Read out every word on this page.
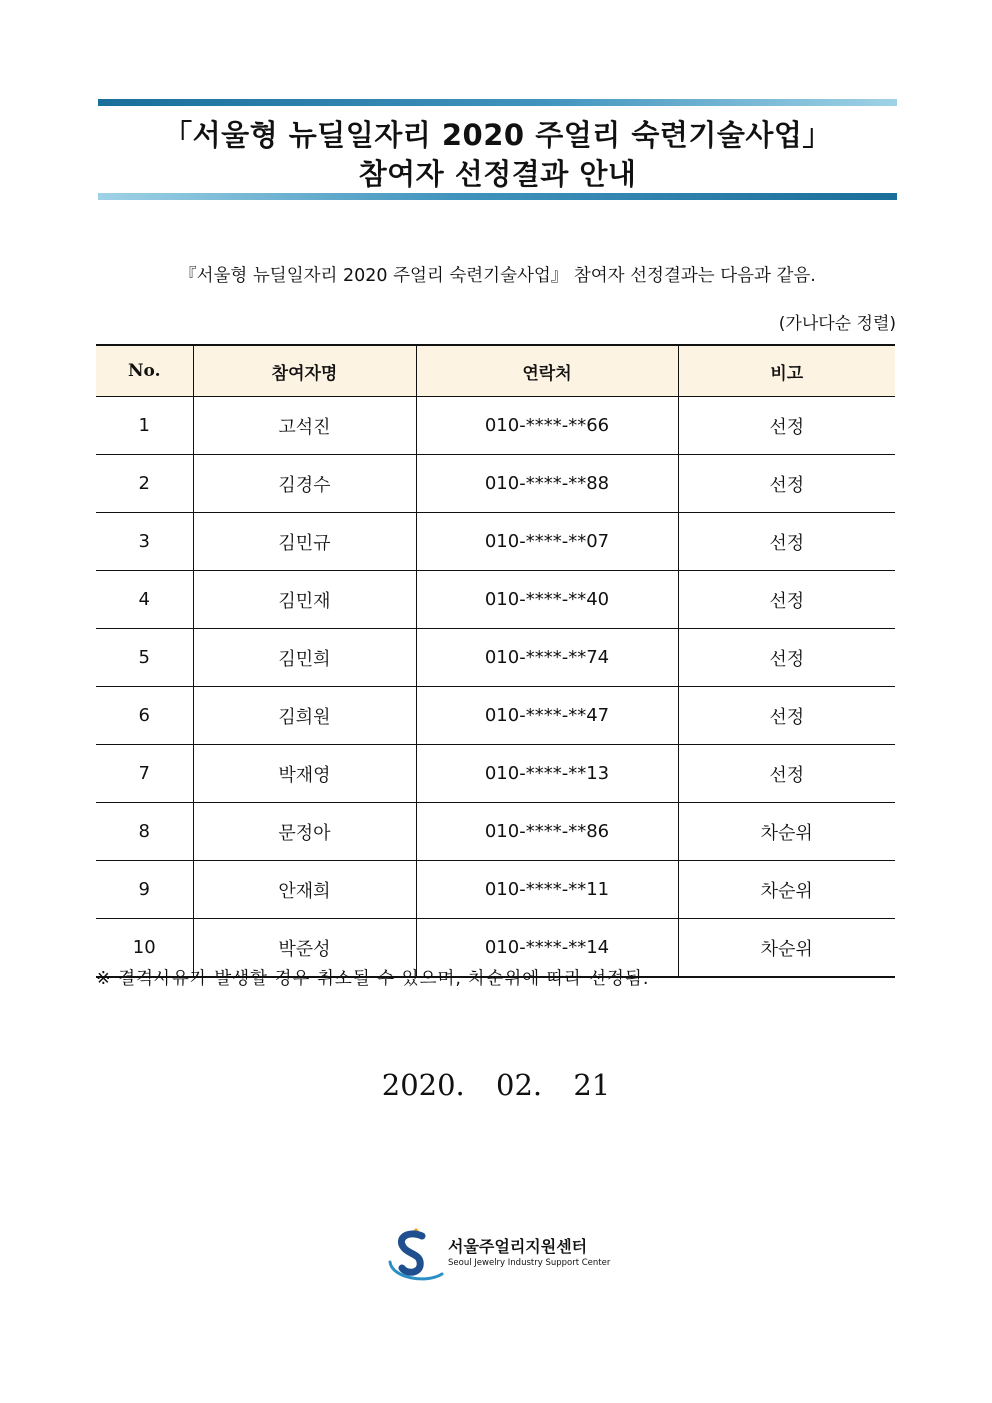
「서울형 뉴딜일자리 2020 주얼리 숙련기술사업」
참여자 선정결과 안내
『서울형 뉴딜일자리 2020 주얼리 숙련기술사업』 참여자 선정결과는 다음과 같음.
(가나다순 정렬)
No.	참여자명	연락처	비고
1	고석진	010-****-**66	선정
2	김경수	010-****-**88	선정
3	김민규	010-****-**07	선정
4	김민재	010-****-**40	선정
5	김민희	010-****-**74	선정
6	김희원	010-****-**47	선정
7	박재영	010-****-**13	선정
8	문정아	010-****-**86	차순위
9	안재희	010-****-**11	차순위
10	박준성	010-****-**14	차순위
※ 결격사유가 발생할 경우 취소될 수 있으며, 차순위에 따라 선정됨.
2020. 02. 21
서울주얼리지원센터
Seoul Jewelry Industry Support Center
